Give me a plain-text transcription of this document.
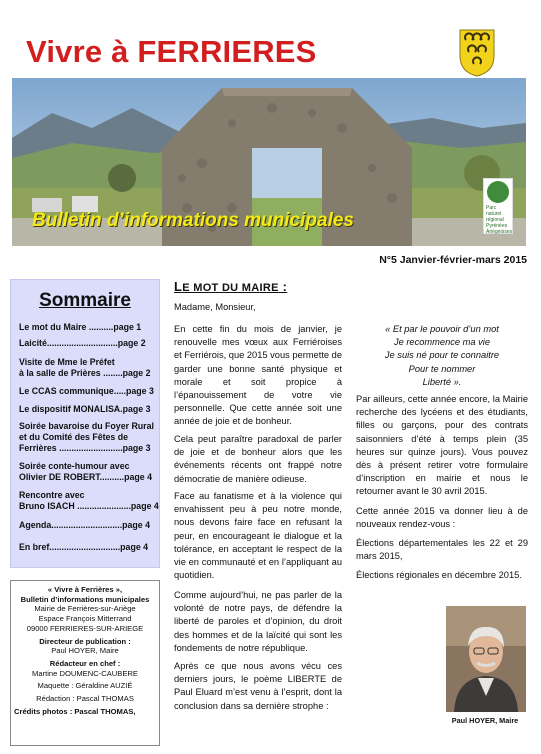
Vivre à FERRIERES
Bulletin d’informations municipales
Parc
naturel
régional
Pyrénées
Ariégeoises
N°5 Janvier-février-mars 2015
Sommaire
Le mot du Maire ..........page 1
Laicité.............................page 2
Visite de Mme le Préfet
à la salle de Prières ........page 2
Le CCAS communique.....page 3
Le dispositif MONALISA.page 3
Soirée bavaroise du Foyer Rural
et du Comité des Fêtes de
Ferrières ..........................page 3
Soirée conte-humour avec
Olivier DE ROBERT..........page 4
Rencontre avec
Bruno ISACH ......................page 4
Agenda.............................page 4
En bref.............................page 4
« Vivre à Ferrières »,
Bulletin d’informations municipales
Mairie de Ferrières-sur-Ariège
Espace François Mitterrand
09000 FERRIERES-SUR-ARIEGE
Directeur de publication :
Paul HOYER, Maire
Rédacteur en chef :
Martine DOUMENC-CAUBERE
Maquette : Géraldine AUZIÉ
Rédaction : Pascal THOMAS
Crédits photos : Pascal THOMAS,
LE MOT DU MAIRE :
Madame, Monsieur,
En cette fin du mois de janvier, je renouvelle mes vœux aux Ferriéroises et Ferriérois, que 2015 vous permette de garder une bonne santé physique et morale et soit propice à l’épanouissement de votre vie personnelle. Que cette année soit une année de joie et de bonheur.
Cela peut paraître paradoxal de parler de joie et de bonheur alors que les événements récents ont frappé notre démocratie de manière odieuse.
Face au fanatisme et à la violence qui envahissent peu à peu notre monde, nous devons faire face en refusant la peur, en encourageant le dialogue et la tolérance, en acceptant le respect de la vie en communauté et en l’appliquant au quotidien.
Comme aujourd’hui, ne pas parler de la volonté de notre pays, de défendre la liberté de paroles et d’opinion, du droit des hommes et de la laïcité qui sont les fondements de notre république.
Après ce que nous avons vécu ces derniers jours, le poème LIBERTE de Paul Eluard m’est venu à l’esprit, dont la conclusion dans sa dernière strophe :
« Et par le pouvoir d’un mot
Je recommence ma vie
Je suis né pour te connaitre
Pour te nommer
Liberté ».
Par ailleurs, cette année encore, la Mairie recherche des lycéens et des étudiants, filles ou garçons, pour des contrats saisonniers d’été à temps plein (35 heures sur quinze jours). Vous pouvez dès à présent retirer votre formulaire d’inscription en mairie et nous le retourner avant le 30 avril 2015.
Cette année 2015 va donner lieu à de nouveaux rendez-vous :
Élections départementales les 22 et 29 mars 2015,
Élections régionales en décembre 2015.
Paul HOYER, Maire
